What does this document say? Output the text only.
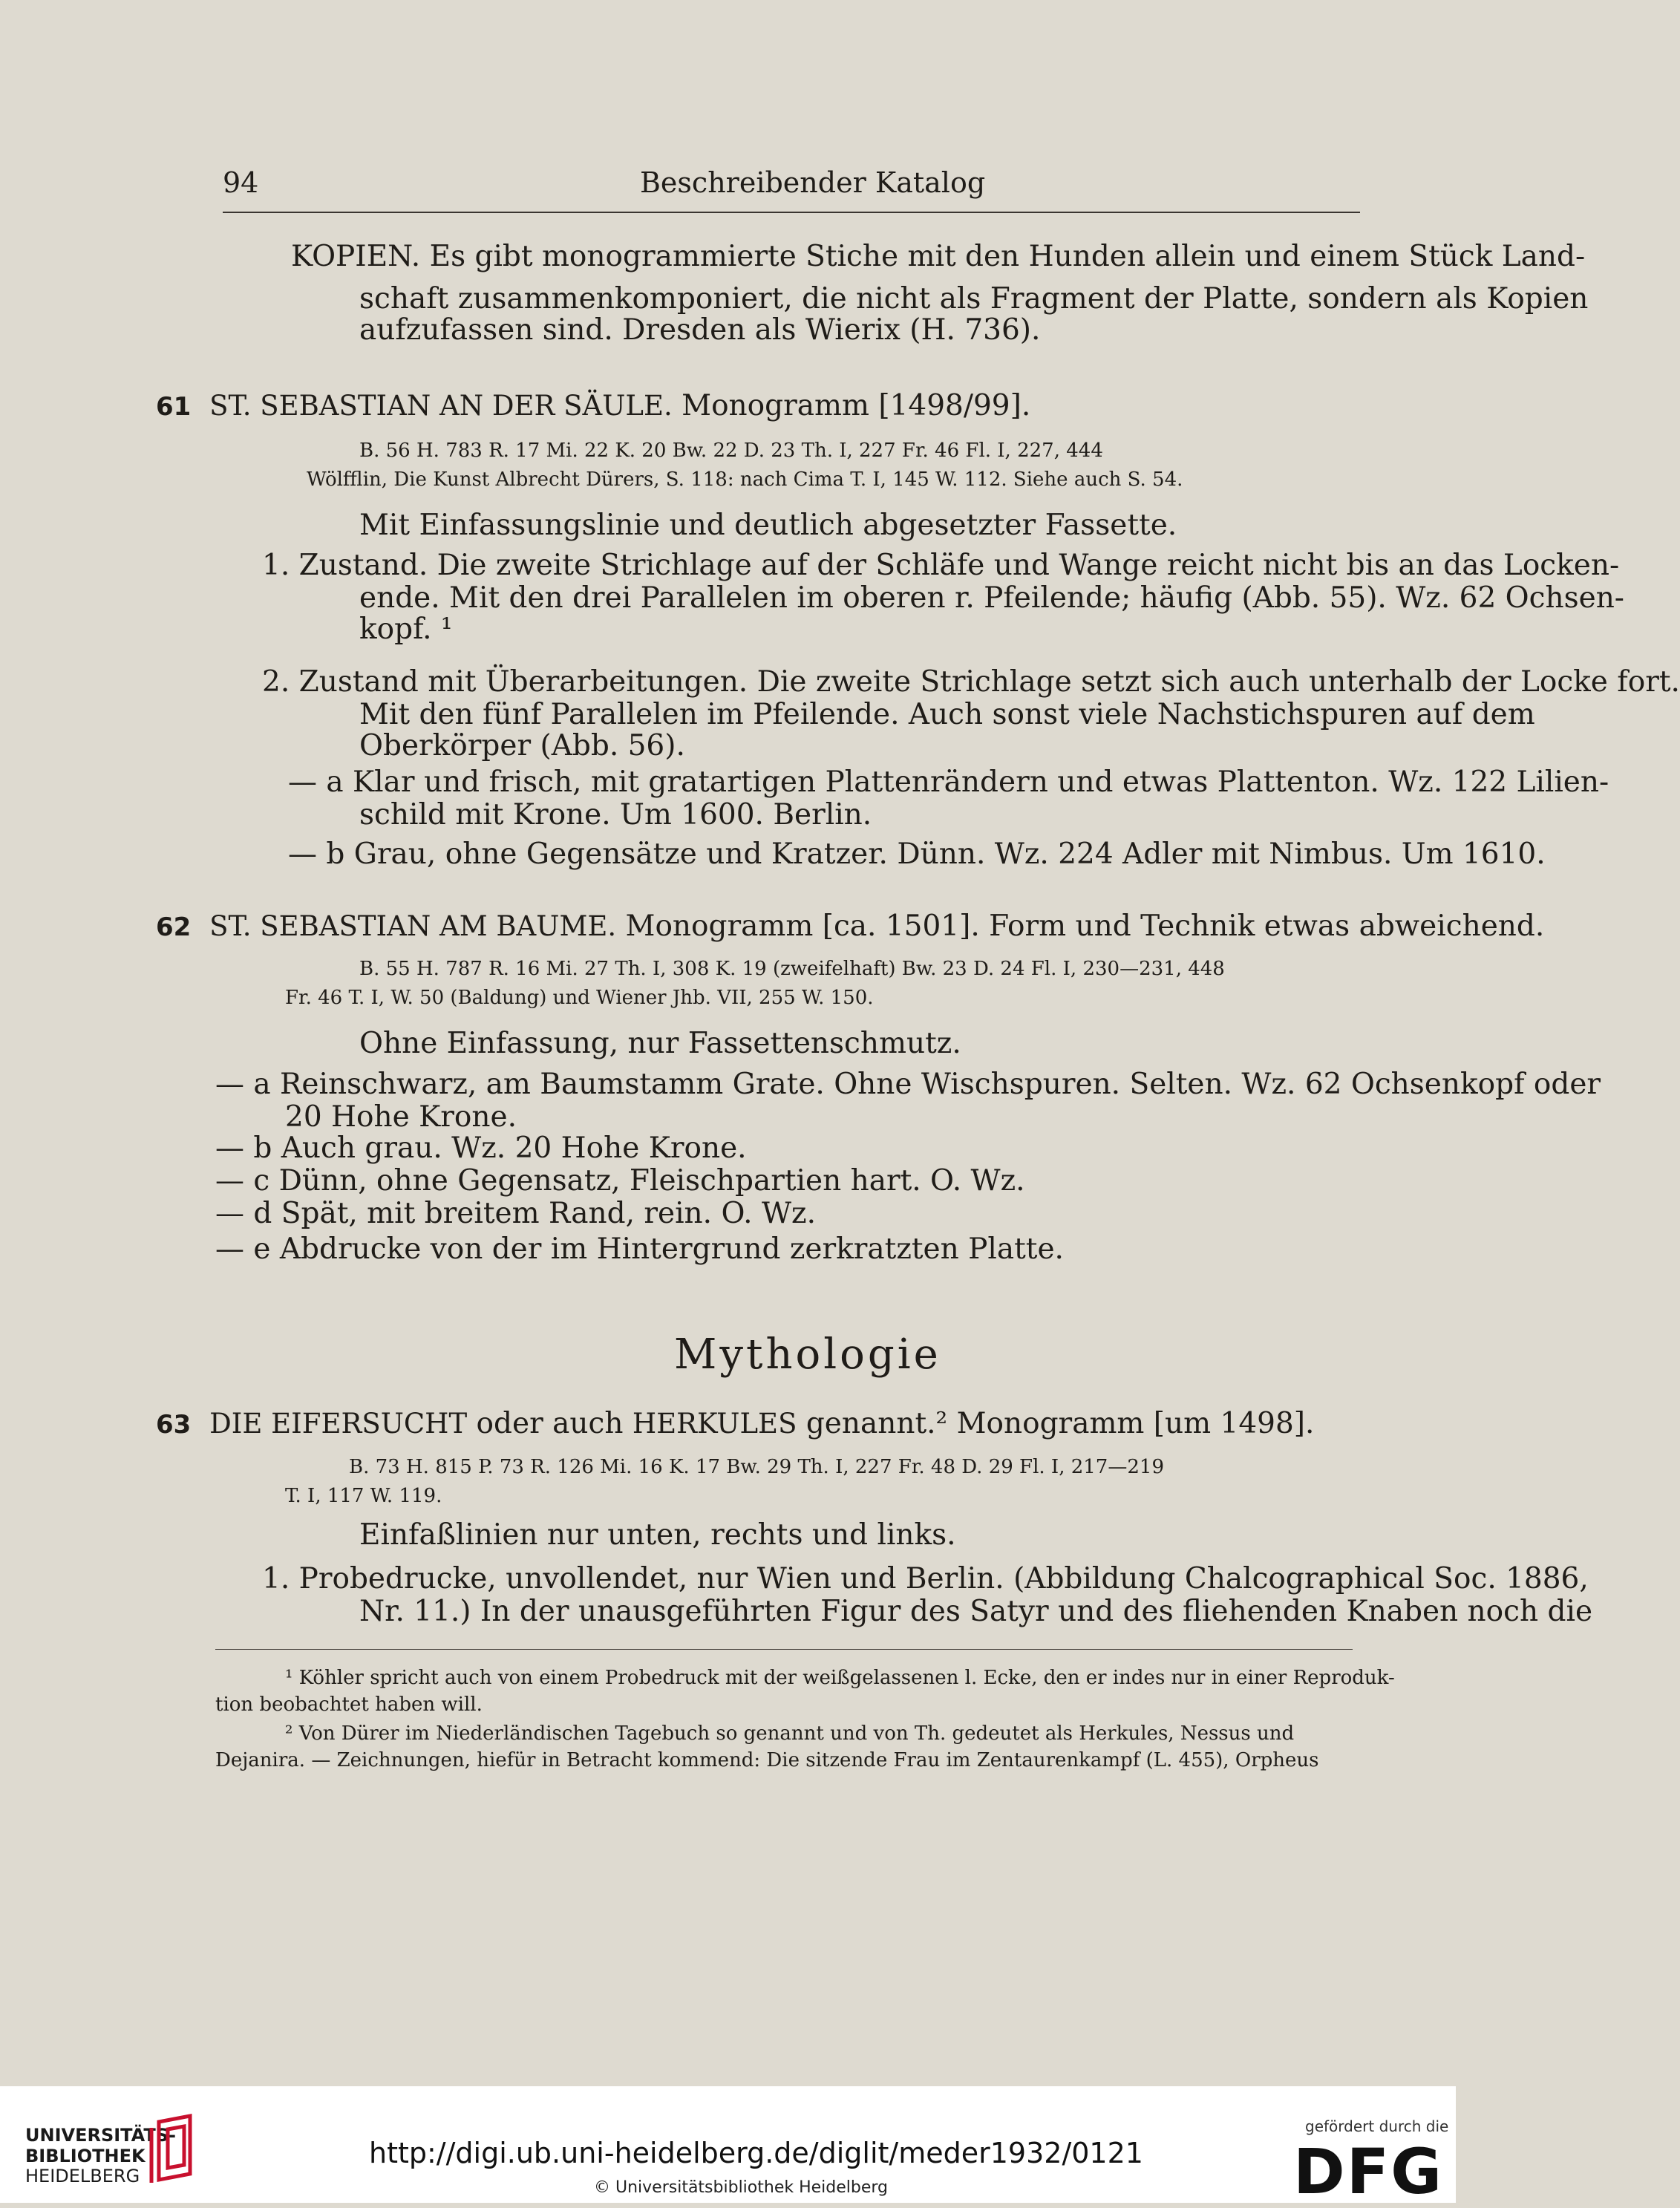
94	Beschreibender Katalog
KOPIEN. Es gibt monogrammierte Stiche mit den Hunden allein und einem Stück Land-
schaft zusammenkomponiert, die nicht als Fragment der Platte, sondern als Kopien
aufzufassen sind. Dresden als Wierix (H. 736).
61 ST. SEBASTIAN AN DER SÄULE. Monogramm [1498/99].
B. 56 H. 783 R. 17 Mi. 22 K. 20 Bw. 22 D. 23 Th. I, 227 Fr. 46 Fl. I, 227, 444
Wölfflin, Die Kunst Albrecht Dürers, S. 118: nach Cima T. I, 145 W. 112. Siehe auch S. 54.
Mit Einfassungslinie und deutlich abgesetzter Fassette.
1. Zustand. Die zweite Strichlage auf der Schläfe und Wange reicht nicht bis an das Locken-
ende. Mit den drei Parallelen im oberen r. Pfeilende; häufig (Abb. 55). Wz. 62 Ochsen-
kopf. ¹
2. Zustand mit Überarbeitungen. Die zweite Strichlage setzt sich auch unterhalb der Locke fort.
Mit den fünf Parallelen im Pfeilende. Auch sonst viele Nachstichspuren auf dem
Oberkörper (Abb. 56).
— a Klar und frisch, mit gratartigen Plattenrändern und etwas Plattenton. Wz. 122 Lilien-
schild mit Krone. Um 1600. Berlin.
— b Grau, ohne Gegensätze und Kratzer. Dünn. Wz. 224 Adler mit Nimbus. Um 1610.
62 ST. SEBASTIAN AM BAUME. Monogramm [ca. 1501]. Form und Technik etwas abweichend.
B. 55 H. 787 R. 16 Mi. 27 Th. I, 308 K. 19 (zweifelhaft) Bw. 23 D. 24 Fl. I, 230—231, 448
Fr. 46 T. I, W. 50 (Baldung) und Wiener Jhb. VII, 255 W. 150.
Ohne Einfassung, nur Fassettenschmutz.
— a Reinschwarz, am Baumstamm Grate. Ohne Wischspuren. Selten. Wz. 62 Ochsenkopf oder
20 Hohe Krone.
— b Auch grau. Wz. 20 Hohe Krone.
— c Dünn, ohne Gegensatz, Fleischpartien hart. O. Wz.
— d Spät, mit breitem Rand, rein. O. Wz.
— e Abdrucke von der im Hintergrund zerkratzten Platte.
Mythologie
63 DIE EIFERSUCHT oder auch HERKULES genannt.² Monogramm [um 1498].
B. 73 H. 815 P. 73 R. 126 Mi. 16 K. 17 Bw. 29 Th. I, 227 Fr. 48 D. 29 Fl. I, 217—219
T. I, 117 W. 119.
Einfaßlinien nur unten, rechts und links.
1. Probedrucke, unvollendet, nur Wien und Berlin. (Abbildung Chalcographical Soc. 1886,
Nr. 11.) In der unausgeführten Figur des Satyr und des fliehenden Knaben noch die
¹ Köhler spricht auch von einem Probedruck mit der weißgelassenen l. Ecke, den er indes nur in einer Reproduk-
tion beobachtet haben will.
² Von Dürer im Niederländischen Tagebuch so genannt und von Th. gedeutet als Herkules, Nessus und
Dejanira. — Zeichnungen, hiefür in Betracht kommend: Die sitzende Frau im Zentaurenkampf (L. 455), Orpheus
UNIVERSITÄTS-
BIBLIOTHEK
HEIDELBERG
http://digi.ub.uni-heidelberg.de/diglit/meder1932/0121
© Universitätsbibliothek Heidelberg
gefördert durch die
DFG
